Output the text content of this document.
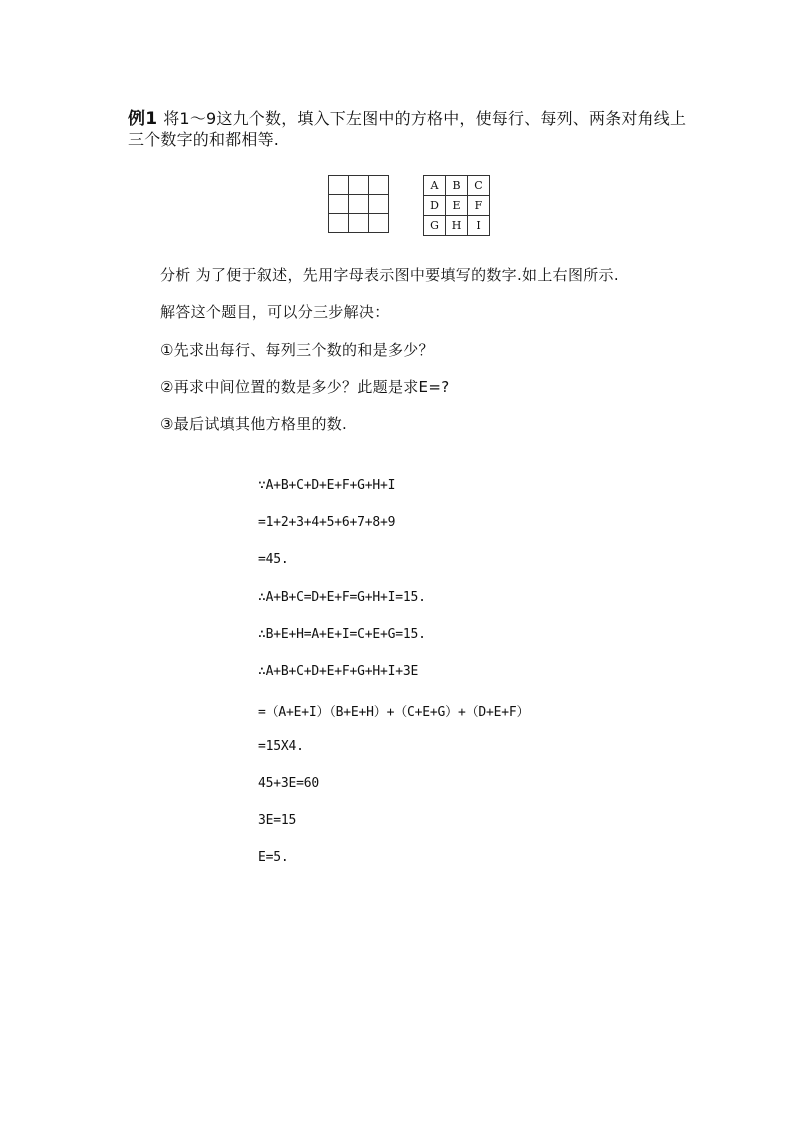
例1 将1～9这九个数，填入下左图中的方格中，使每行、每列、两条对角线上
三个数字的和都相等.

A	B	C
D	E	F
G	H	I
分析 为了便于叙述，先用字母表示图中要填写的数字.如上右图所示.
解答这个题目，可以分三步解决：
①先求出每行、每列三个数的和是多少？
②再求中间位置的数是多少？此题是求E=?
③最后试填其他方格里的数.
∵A+B+C+D+E+F+G+H+I
=1+2+3+4+5+6+7+8+9
=45.
∴A+B+C=D+E+F=G+H+I=15.
∴B+E+H=A+E+I=C+E+G=15.
∴A+B+C+D+E+F+G+H+I+3E
=（A+E+I）（B+E+H）+（C+E+G）+（D+E+F）
=15X4.
45+3E=60
3E=15
E=5.
